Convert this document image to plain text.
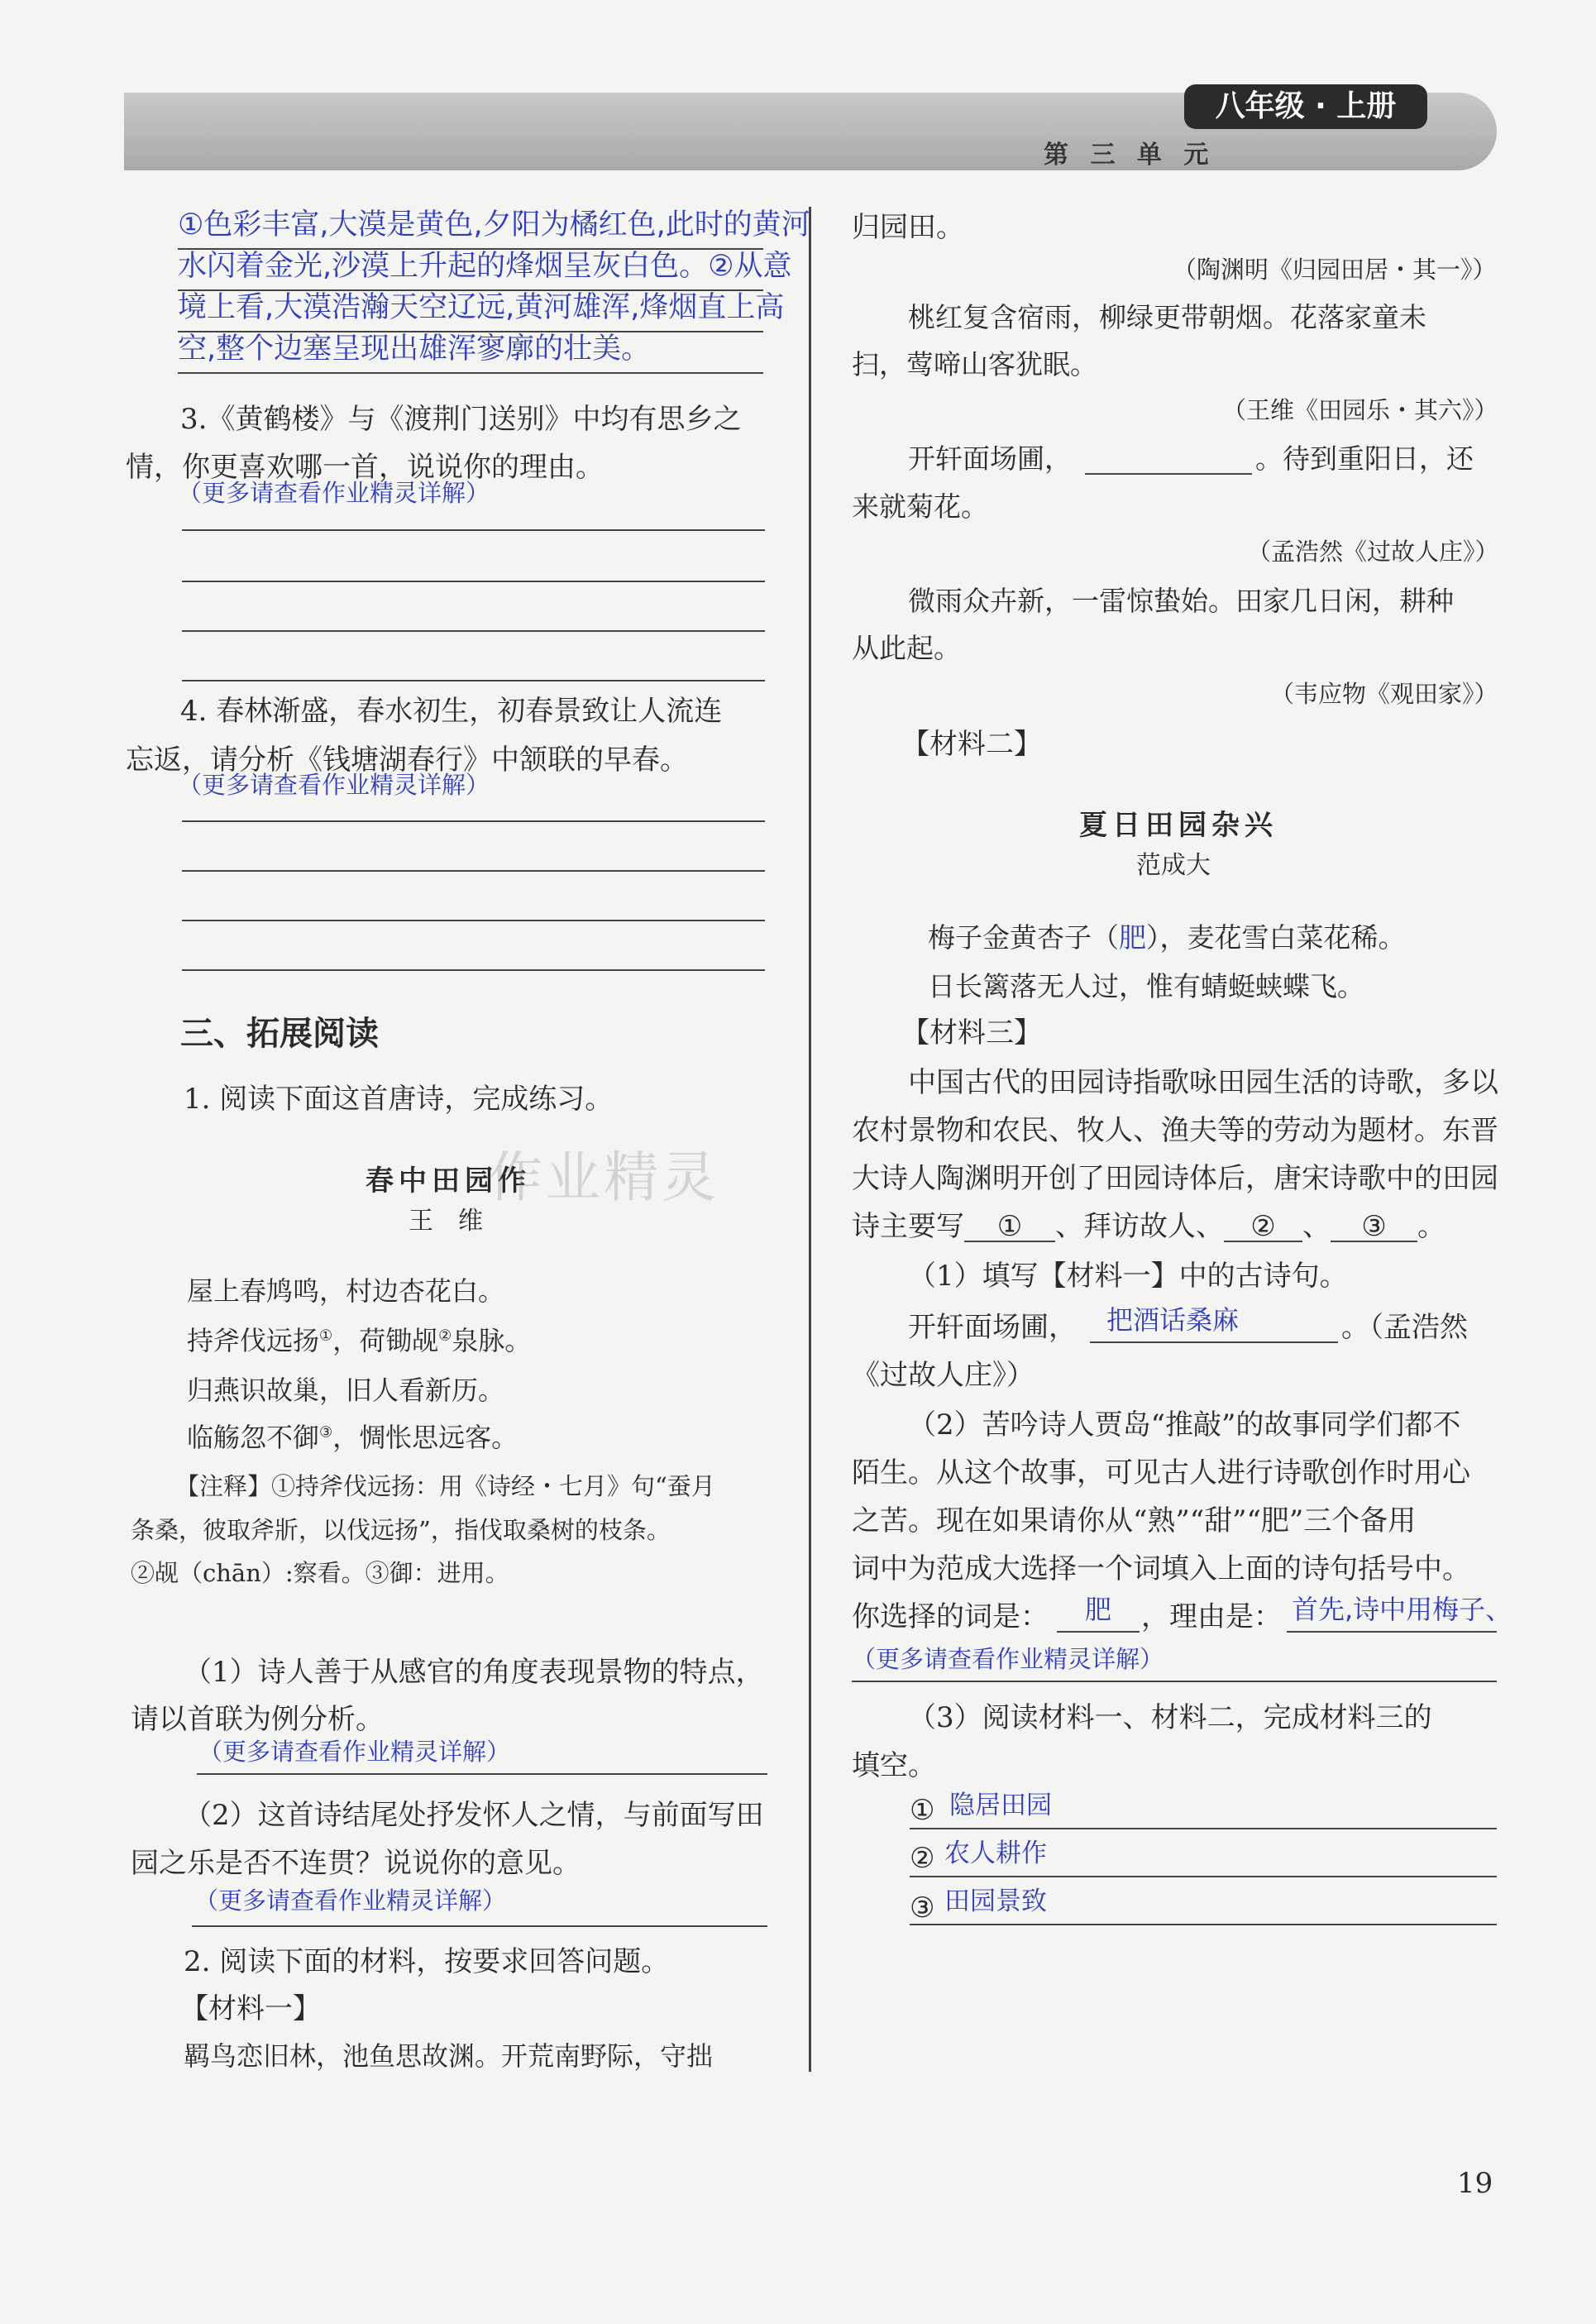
八年级 · 上册
第 三 单 元
①色彩丰富,大漠是黄色,夕阳为橘红色,此时的黄河
水闪着金光,沙漠上升起的烽烟呈灰白色。②从意
境上看,大漠浩瀚天空辽远,黄河雄浑,烽烟直上高
空,整个边塞呈现出雄浑寥廓的壮美。
3.《黄鹤楼》与《渡荆门送别》中均有思乡之
情，你更喜欢哪一首，说说你的理由。
（更多请查看作业精灵详解）
4. 春林渐盛，春水初生，初春景致让人流连
忘返，请分析《钱塘湖春行》中颔联的早春。
（更多请查看作业精灵详解）
三、拓展阅读
1. 阅读下面这首唐诗，完成练习。
春中田园作
作业精灵
王　维
屋上春鸠鸣，村边杏花白。
持斧伐远扬①，荷锄觇②泉脉。
归燕识故巢，旧人看新历。
临觞忽不御③，惆怅思远客。
【注释】①持斧伐远扬：用《诗经・七月》句“蚕月
条桑，彼取斧斨，以伐远扬”，指伐取桑树的枝条。
②觇（chān）:察看。③御：进用。
（1）诗人善于从感官的角度表现景物的特点，
请以首联为例分析。
（更多请查看作业精灵详解）
（2）这首诗结尾处抒发怀人之情，与前面写田
园之乐是否不连贯？说说你的意见。
（更多请查看作业精灵详解）
2. 阅读下面的材料，按要求回答问题。
【材料一】
羁鸟恋旧林，池鱼思故渊。开荒南野际，守拙
归园田。
（陶渊明《归园田居・其一》）
桃红复含宿雨，柳绿更带朝烟。花落家童未
扫，莺啼山客犹眠。
（王维《田园乐・其六》）
开轩面场圃，	。待到重阳日，还
来就菊花。
（孟浩然《过故人庄》）
微雨众卉新，一雷惊蛰始。田家几日闲，耕种
从此起。
（韦应物《观田家》）
【材料二】
夏日田园杂兴
范成大
梅子金黄杏子（肥），麦花雪白菜花稀。
日长篱落无人过，惟有蜻蜓蛱蝶飞。
【材料三】
中国古代的田园诗指歌咏田园生活的诗歌，多以
农村景物和农民、牧人、渔夫等的劳动为题材。东晋
大诗人陶渊明开创了田园诗体后，唐宋诗歌中的田园
诗主要写 ① 、拜访故人、 ② 、 ③ 。
（1）填写【材料一】中的古诗句。
开轩面场圃， 把酒话桑麻	。（孟浩然
《过故人庄》）
（2）苦吟诗人贾岛“推敲”的故事同学们都不
陌生。从这个故事，可见古人进行诗歌创作时用心
之苦。现在如果请你从“熟”“甜”“肥”三个备用
词中为范成大选择一个词填入上面的诗句括号中。
你选择的词是： 肥 ，理由是： 首先,诗中用梅子、
（更多请查看作业精灵详解）
（3）阅读材料一、材料二，完成材料三的
填空。
① 隐居田园
② 农人耕作
③ 田园景致
19
